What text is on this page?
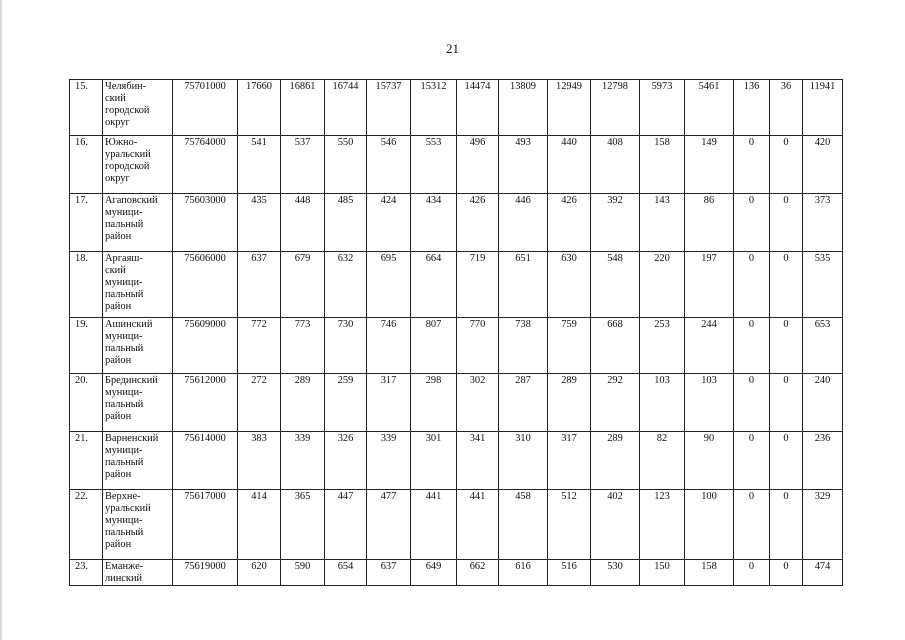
21
15.	Челябин-
ский
городской
округ	75701000	17660	16861	16744	15737	15312	14474	13809	12949	12798	5973	5461	136	36	11941
16.	Южно-
уральский
городской
округ	75764000	541	537	550	546	553	496	493	440	408	158	149	0	0	420
17.	Агаповский
муници-
пальный
район	75603000	435	448	485	424	434	426	446	426	392	143	86	0	0	373
18.	Аргаяш-
ский
муници-
пальный
район	75606000	637	679	632	695	664	719	651	630	548	220	197	0	0	535
19.	Ашинский
муници-
пальный
район	75609000	772	773	730	746	807	770	738	759	668	253	244	0	0	653
20.	Брединский
муници-
пальный
район	75612000	272	289	259	317	298	302	287	289	292	103	103	0	0	240
21.	Варненский
муници-
пальный
район	75614000	383	339	326	339	301	341	310	317	289	82	90	0	0	236
22.	Верхне-
уральский
муници-
пальный
район	75617000	414	365	447	477	441	441	458	512	402	123	100	0	0	329
23.	Еманже-
линский	75619000	620	590	654	637	649	662	616	516	530	150	158	0	0	474
